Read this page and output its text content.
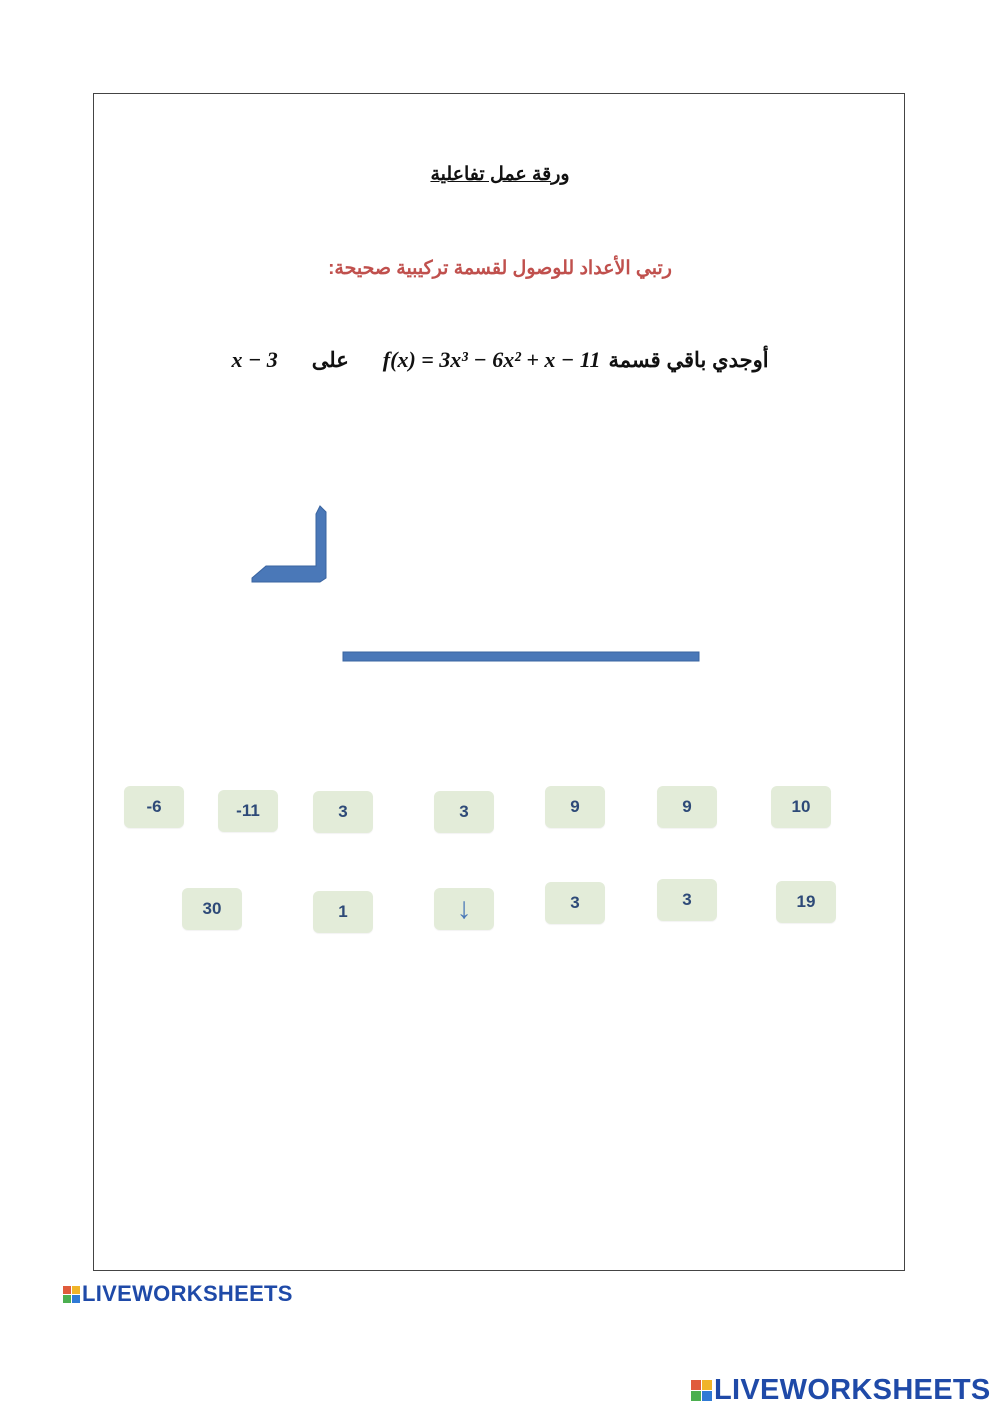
ورقة عمل تفاعلية
رتبي الأعداد للوصول لقسمة تركيبية صحيحة:
أوجدي باقي قسمة
f(x) = 3x³ − 6x² + x − 11
على
x − 3
-6	-11	3	3	9	9	10
30	1	↓	3	3	19
LIVEWORKSHEETS
LIVEWORKSHEETS
